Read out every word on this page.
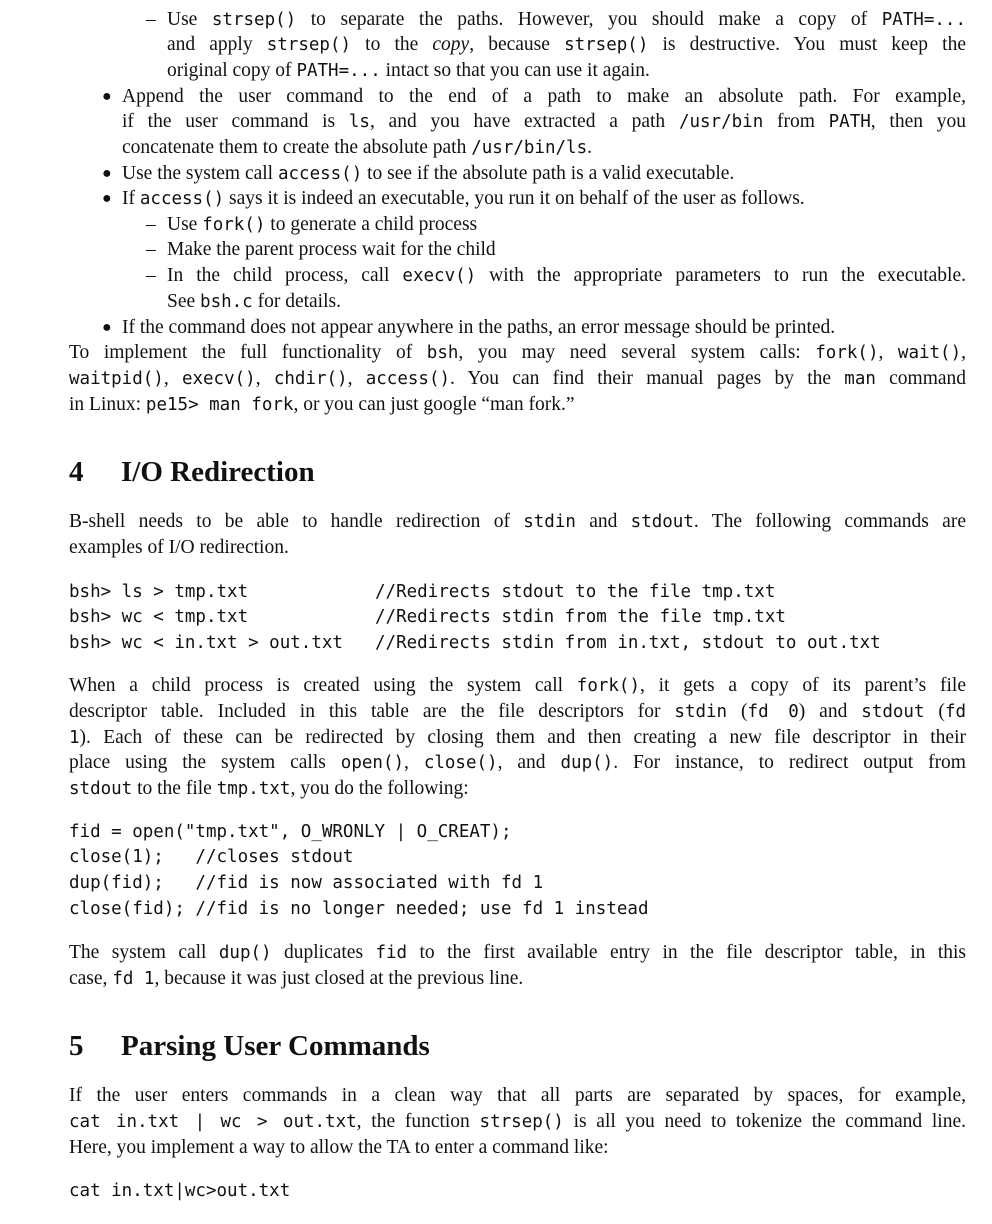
– Use strsep() to separate the paths. However, you should make a copy of PATH=...
and apply strsep() to the copy, because strsep() is destructive. You must keep the
original copy of PATH=... intact so that you can use it again.
● Append the user command to the end of a path to make an absolute path. For example,
if the user command is ls, and you have extracted a path /usr/bin from PATH, then you
concatenate them to create the absolute path /usr/bin/ls.
● Use the system call access() to see if the absolute path is a valid executable.
● If access() says it is indeed an executable, you run it on behalf of the user as follows.
– Use fork() to generate a child process
– Make the parent process wait for the child
– In the child process, call execv() with the appropriate parameters to run the executable.
See bsh.c for details.
● If the command does not appear anywhere in the paths, an error message should be printed.
To implement the full functionality of bsh, you may need several system calls: fork(), wait(),
waitpid(), execv(), chdir(), access(). You can find their manual pages by the man command
in Linux: pe15> man fork, or you can just google “man fork.”
4 I/O Redirection
B-shell needs to be able to handle redirection of stdin and stdout. The following commands are
examples of I/O redirection.
bsh> ls > tmp.txt	//Redirects stdout to the file tmp.txt
bsh> wc < tmp.txt	//Redirects stdin from the file tmp.txt
bsh> wc < in.txt > out.txt //Redirects stdin from in.txt, stdout to out.txt
When a child process is created using the system call fork(), it gets a copy of its parent’s file
descriptor table. Included in this table are the file descriptors for stdin (fd 0) and stdout (fd
1). Each of these can be redirected by closing them and then creating a new file descriptor in their
place using the system calls open(), close(), and dup(). For instance, to redirect output from
stdout to the file tmp.txt, you do the following:
fid = open("tmp.txt", O_WRONLY | O_CREAT);
close(1);   //closes stdout
dup(fid);   //fid is now associated with fd 1
close(fid); //fid is no longer needed; use fd 1 instead
The system call dup() duplicates fid to the first available entry in the file descriptor table, in this
case, fd 1, because it was just closed at the previous line.
5 Parsing User Commands
If the user enters commands in a clean way that all parts are separated by spaces, for example,
cat in.txt | wc > out.txt, the function strsep() is all you need to tokenize the command line.
Here, you implement a way to allow the TA to enter a command like:
cat in.txt|wc>out.txt
